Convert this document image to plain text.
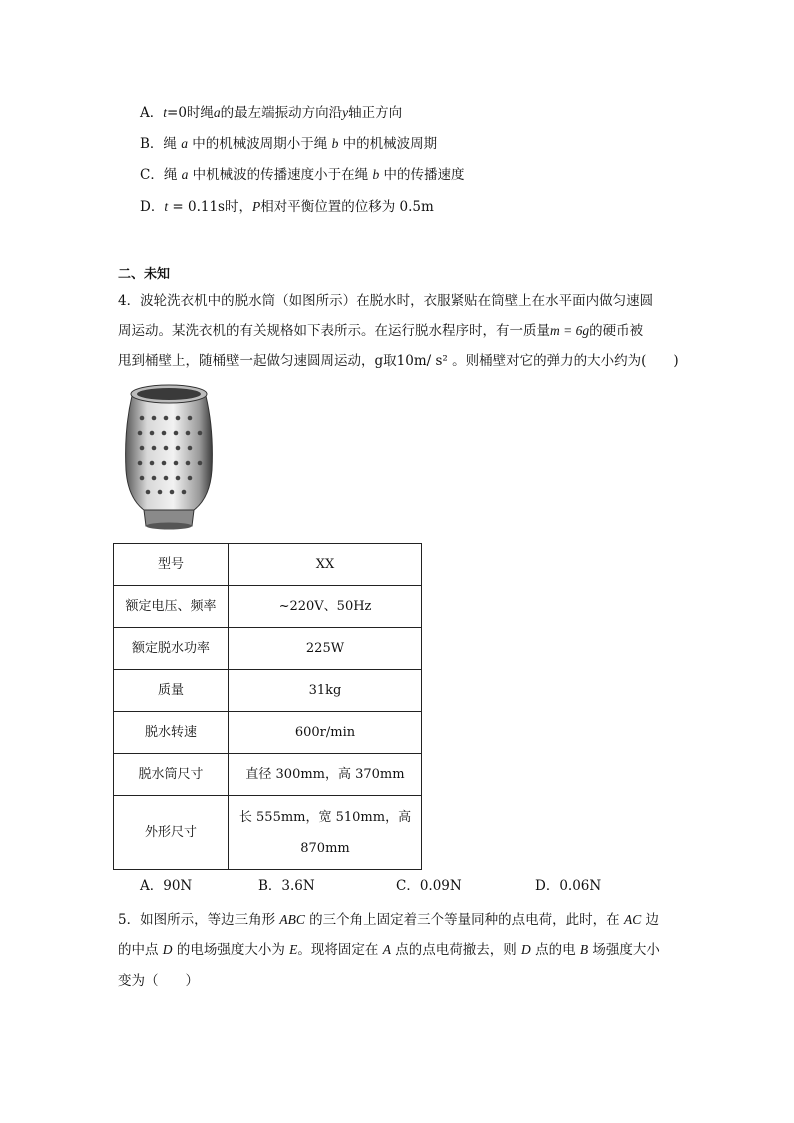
A．t=0时绳a的最左端振动方向沿y轴正方向
B．绳 a 中的机械波周期小于绳 b 中的机械波周期
C．绳 a 中机械波的传播速度小于在绳 b 中的传播速度
D．t = 0.11s时，P相对平衡位置的位移为 0.5m
二、未知
4．波轮洗衣机中的脱水筒（如图所示）在脱水时，衣服紧贴在筒壁上在水平面内做匀速圆
周运动。某洗衣机的有关规格如下表所示。在运行脱水程序时，有一质量m = 6g的硬币被
甩到桶壁上，随桶壁一起做匀速圆周运动，g取10m/ s² 。则桶壁对它的弹力的大小约为(　　)
型号	XX
额定电压、频率	~220V、50Hz
额定脱水功率	225W
质量	31kg
脱水转速	600r/min
脱水筒尺寸	直径 300mm，高 370mm
外形尺寸	长 555mm，宽 510mm，高
870mm
A．90N	B．3.6N	C．0.09N	D．0.06N
5．如图所示，等边三角形 ABC 的三个角上固定着三个等量同种的点电荷，此时，在 AC 边
的中点 D 的电场强度大小为 E。现将固定在 A 点的点电荷撤去，则 D 点的电 B 场强度大小
变为（　　）
